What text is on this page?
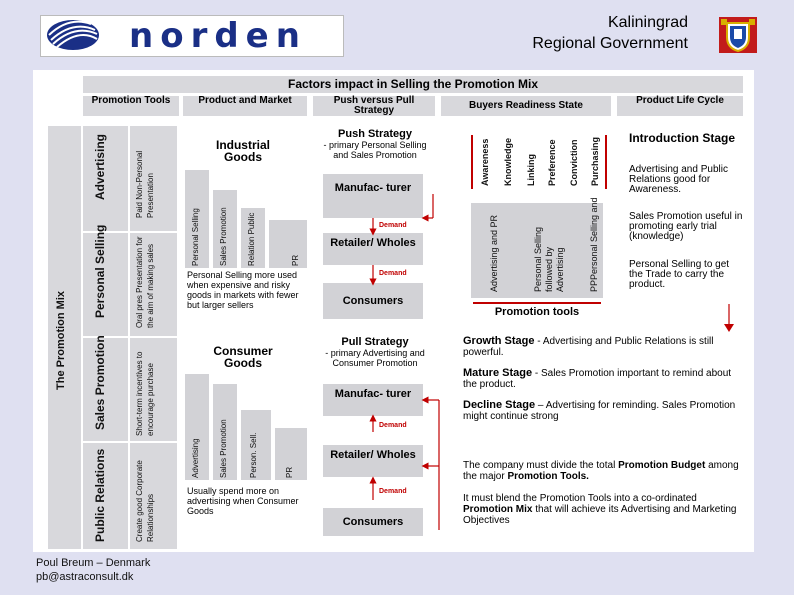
norden	Kaliningrad
Regional Government
Factors impact in Selling the Promotion Mix
Promotion Tools	Product and Market	Push versus Pull Strategy	Buyers Readiness State	Product Life Cycle
The Promotion Mix
Advertising	Paid Non-Personal Presentation
Personal Selling	Oral pres Presentation for the aim of making sales
Sales Promotion	Short-term incentives to encourage purchase
Public Relations	Create good Corporate Relationships
Industrial Goods
Personal Selling Sales Promotion Relation Public	PR
Personal Selling more used when expensive and risky goods in markets with fewer but larger sellers
Consumer Goods
Advertising Sales Promotion	Person. Sell.	PR
Usually spend more on advertising when Consumer Goods
Push Strategy
- primary Personal Selling and Sales Promotion
Manufac- turer
Demand
Retailer/ Wholes
Demand
Consumers
Pull Strategy
- primary Advertising and Consumer Promotion
Manufac- turer
Demand
Retailer/ Wholes
Demand
Consumers
Awareness Knowledge Linking Preference Conviction Purchasing
Advertising and PR	Personal Selling followed by Advertising	PPPersonal Selling and
Promotion tools
Introduction Stage
Advertising and Public Relations good for Awareness.
Sales Promotion useful in promoting early trial (knowledge)
Personal Selling to get the Trade to carry the product.
Growth Stage - Advertising and Public Relations is still powerful.
Mature Stage - Sales Promotion important to remind about the product.
Decline Stage – Advertising for reminding. Sales Promotion might continue strong
The company must divide the total Promotion Budget among the major Promotion Tools.

It must blend the Promotion Tools into a co-ordinated Promotion Mix that will achieve its Advertising and Marketing Objectives
Poul Breum – Denmark
pb@astraconsult.dk
